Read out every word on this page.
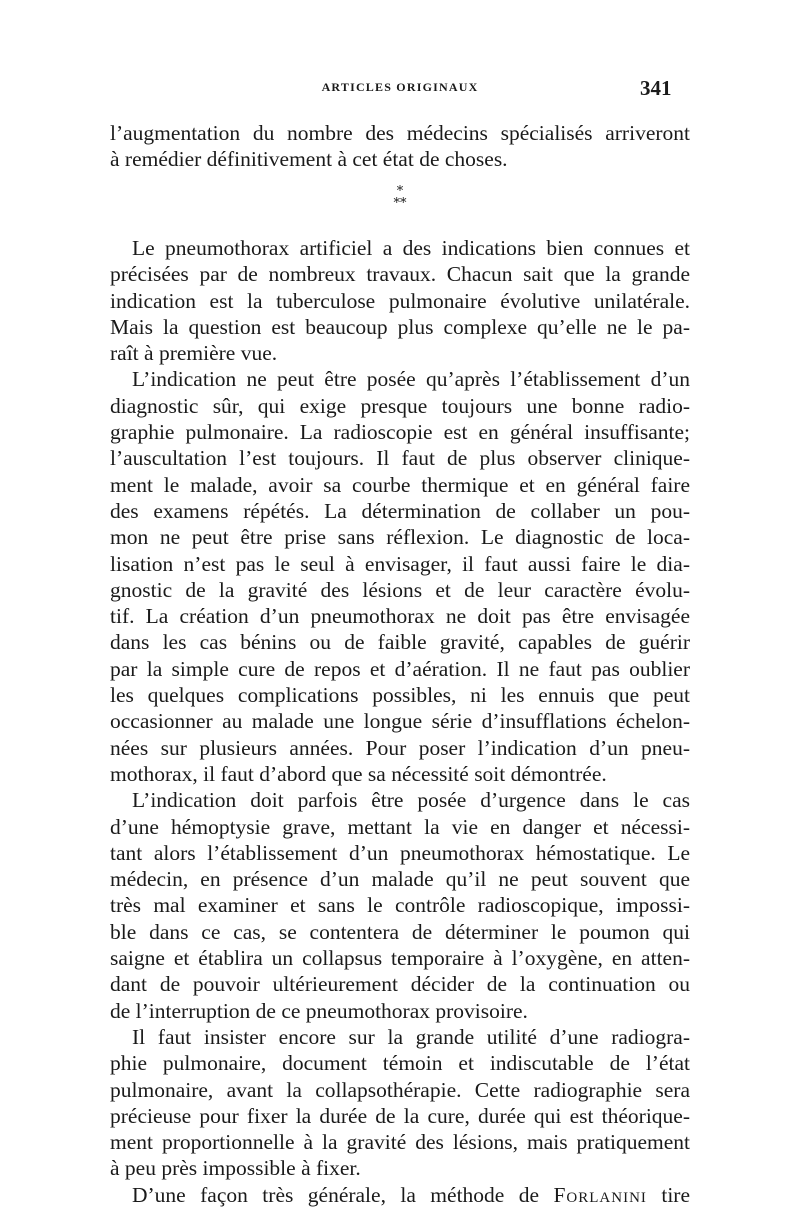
ARTICLES ORIGINAUX	341
l’augmentation du nombre des médecins spécialisés arriveront
à remédier définitivement à cet état de choses.
*
**
Le pneumothorax artificiel a des indications bien connues et
précisées par de nombreux travaux. Chacun sait que la grande
indication est la tuberculose pulmonaire évolutive unilatérale.
Mais la question est beaucoup plus complexe qu’elle ne le pa-
raît à première vue.
L’indication ne peut être posée qu’après l’établissement d’un
diagnostic sûr, qui exige presque toujours une bonne radio-
graphie pulmonaire. La radioscopie est en général insuffisante;
l’auscultation l’est toujours. Il faut de plus observer clinique-
ment le malade, avoir sa courbe thermique et en général faire
des examens répétés. La détermination de collaber un pou-
mon ne peut être prise sans réflexion. Le diagnostic de loca-
lisation n’est pas le seul à envisager, il faut aussi faire le dia-
gnostic de la gravité des lésions et de leur caractère évolu-
tif. La création d’un pneumothorax ne doit pas être envisagée
dans les cas bénins ou de faible gravité, capables de guérir
par la simple cure de repos et d’aération. Il ne faut pas oublier
les quelques complications possibles, ni les ennuis que peut
occasionner au malade une longue série d’insufflations échelon-
nées sur plusieurs années. Pour poser l’indication d’un pneu-
mothorax, il faut d’abord que sa nécessité soit démontrée.
L’indication doit parfois être posée d’urgence dans le cas
d’une hémoptysie grave, mettant la vie en danger et nécessi-
tant alors l’établissement d’un pneumothorax hémostatique. Le
médecin, en présence d’un malade qu’il ne peut souvent que
très mal examiner et sans le contrôle radioscopique, impossi-
ble dans ce cas, se contentera de déterminer le poumon qui
saigne et établira un collapsus temporaire à l’oxygène, en atten-
dant de pouvoir ultérieurement décider de la continuation ou
de l’interruption de ce pneumothorax provisoire.
Il faut insister encore sur la grande utilité d’une radiogra-
phie pulmonaire, document témoin et indiscutable de l’état
pulmonaire, avant la collapsothérapie. Cette radiographie sera
précieuse pour fixer la durée de la cure, durée qui est théorique-
ment proportionnelle à la gravité des lésions, mais pratiquement
à peu près impossible à fixer.
D’une façon très générale, la méthode de Forlanini tire
